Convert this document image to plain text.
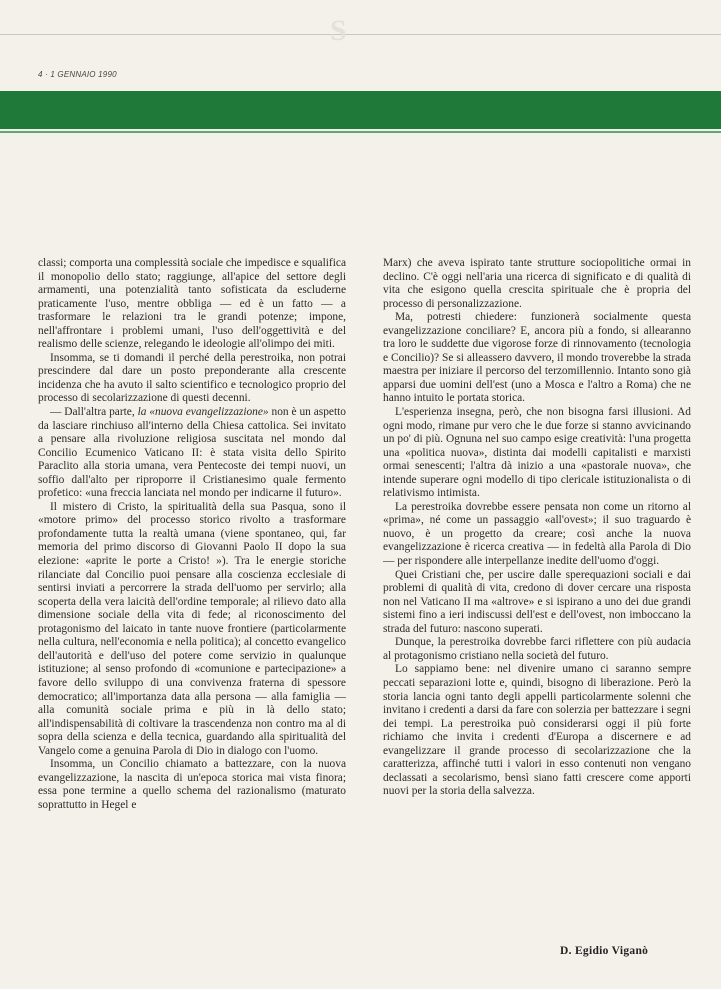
S
4 · 1 GENNAIO 1990

classi; comporta una complessità sociale che impedisce e squalifica il monopolio dello stato; raggiunge, all'apice del settore degli armamenti, una potenzialità tanto sofisticata da escluderne praticamente l'uso, mentre obbliga — ed è un fatto — a trasformare le relazioni tra le grandi potenze; impone, nell'affrontare i problemi umani, l'uso dell'oggettività e del realismo delle scienze, relegando le ideologie all'olimpo dei miti.

Insomma, se ti domandi il perché della perestroika, non potrai prescindere dal dare un posto preponderante alla crescente incidenza che ha avuto il salto scientifico e tecnologico proprio del processo di secolarizzazione di questi decenni.

— Dall'altra parte, la «nuova evangelizzazione» non è un aspetto da lasciare rinchiuso all'interno della Chiesa cattolica. Sei invitato a pensare alla rivoluzione religiosa suscitata nel mondo dal Concilio Ecumenico Vaticano II: è stata visita dello Spirito Paraclito alla storia umana, vera Pentecoste dei tempi nuovi, un soffio dall'alto per riproporre il Cristianesimo quale fermento profetico: «una freccia lanciata nel mondo per indicarne il futuro».

Il mistero di Cristo, la spiritualità della sua Pasqua, sono il «motore primo» del processo storico rivolto a trasformare profondamente tutta la realtà umana (viene spontaneo, qui, far memoria del primo discorso di Giovanni Paolo II dopo la sua elezione: «aprite le porte a Cristo! »). Tra le energie storiche rilanciate dal Concilio puoi pensare alla coscienza ecclesiale di sentirsi inviati a percorrere la strada dell'uomo per servirlo; alla scoperta della vera laicità dell'ordine temporale; al rilievo dato alla dimensione sociale della vita di fede; al riconoscimento del protagonismo del laicato in tante nuove frontiere (particolarmente nella cultura, nell'economia e nella politica); al concetto evangelico dell'autorità e dell'uso del potere come servizio in qualunque istituzione; al senso profondo di «comunione e partecipazione» a favore dello sviluppo di una convivenza fraterna di spessore democratico; all'importanza data alla persona — alla famiglia — alla comunità sociale prima e più in là dello stato; all'indispensabilità di coltivare la trascendenza non contro ma al di sopra della scienza e della tecnica, guardando alla spiritualità del Vangelo come a genuina Parola di Dio in dialogo con l'uomo.

Insomma, un Concilio chiamato a battezzare, con la nuova evangelizzazione, la nascita di un'epoca storica mai vista finora; essa pone termine a quello schema del razionalismo (maturato soprattutto in Hegel e

Marx) che aveva ispirato tante strutture sociopolitiche ormai in declino. C'è oggi nell'aria una ricerca di significato e di qualità di vita che esigono quella crescita spirituale che è propria del processo di personalizzazione.

Ma, potresti chiedere: funzionerà socialmente questa evangelizzazione conciliare? E, ancora più a fondo, si allearanno tra loro le suddette due vigorose forze di rinnovamento (tecnologia e Concilio)? Se si alleassero davvero, il mondo troverebbe la strada maestra per iniziare il percorso del terzomillennio. Intanto sono già apparsi due uomini dell'est (uno a Mosca e l'altro a Roma) che ne hanno intuito le portata storica.

L'esperienza insegna, però, che non bisogna farsi illusioni. Ad ogni modo, rimane pur vero che le due forze si stanno avvicinando un po' di più. Ognuna nel suo campo esige creatività: l'una progetta una «politica nuova», distinta dai modelli capitalisti e marxisti ormai senescenti; l'altra dà inizio a una «pastorale nuova», che intende superare ogni modello di tipo clericale istituzionalista o di relativismo intimista.

La perestroika dovrebbe essere pensata non come un ritorno al «prima», né come un passaggio «all'ovest»; il suo traguardo è nuovo, è un progetto da creare; così anche la nuova evangelizzazione è ricerca creativa — in fedeltà alla Parola di Dio — per rispondere alle interpellanze inedite dell'uomo d'oggi.

Quei Cristiani che, per uscire dalle sperequazioni sociali e dai problemi di qualità di vita, credono di dover cercare una risposta non nel Vaticano II ma «altrove» e si ispirano a uno dei due grandi sistemi fino a ieri indiscussi dell'est e dell'ovest, non imboccano la strada del futuro: nascono superati.

Dunque, la perestroika dovrebbe farci riflettere con più audacia al protagonismo cristiano nella società del futuro.

Lo sappiamo bene: nel divenire umano ci saranno sempre peccati separazioni lotte e, quindi, bisogno di liberazione. Però la storia lancia ogni tanto degli appelli particolarmente solenni che invitano i credenti a darsi da fare con solerzia per battezzare i segni dei tempi. La perestroika può considerarsi oggi il più forte richiamo che invita i credenti d'Europa a discernere e ad evangelizzare il grande processo di secolarizzazione che la caratterizza, affinché tutti i valori in esso contenuti non vengano declassati a secolarismo, bensì siano fatti crescere come apporti nuovi per la storia della salvezza.

D. Egidio Viganò
